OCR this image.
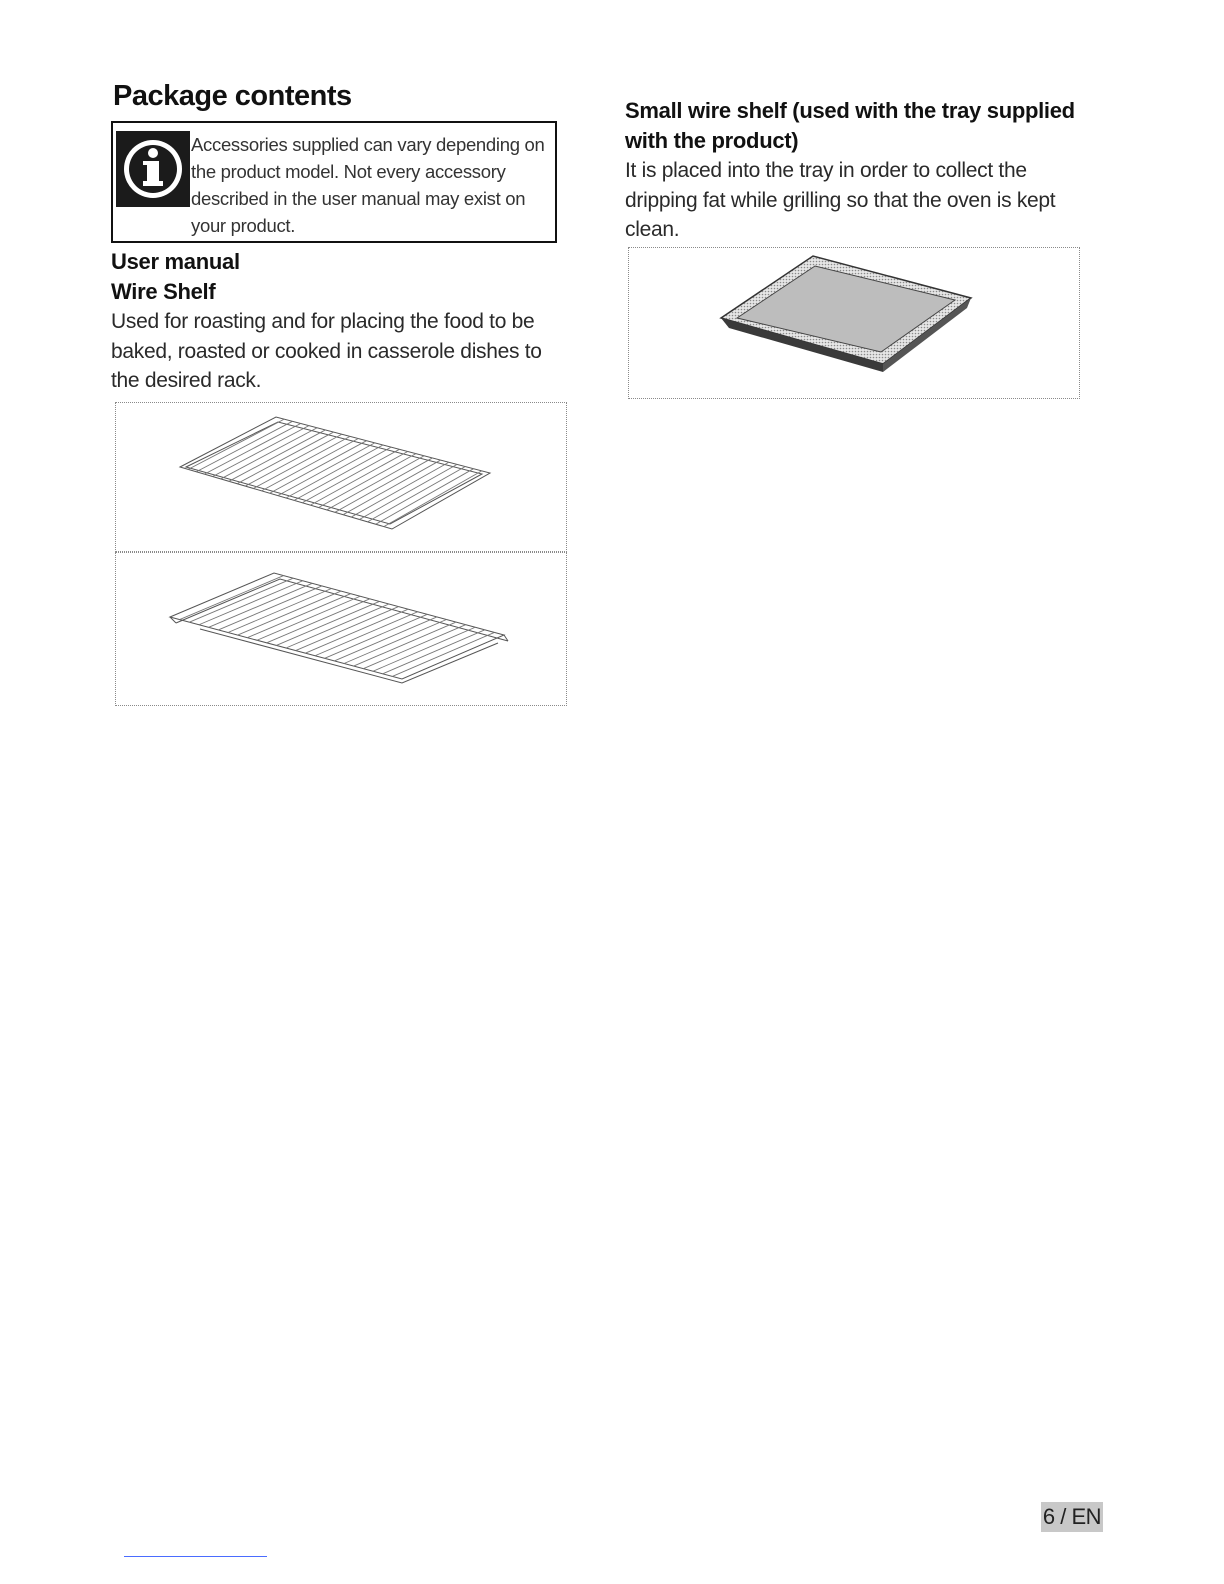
Package contents
Accessories supplied can vary depending on the product model. Not every accessory described in the user manual may exist on your product.
User manual
Wire Shelf
Used for roasting and for placing the food to be baked, roasted or cooked in casserole dishes to the desired rack.
Small wire shelf (used with the tray supplied with the product)
It is placed into the tray in order to collect the dripping fat while grilling so that the oven is kept clean.
6 / EN
